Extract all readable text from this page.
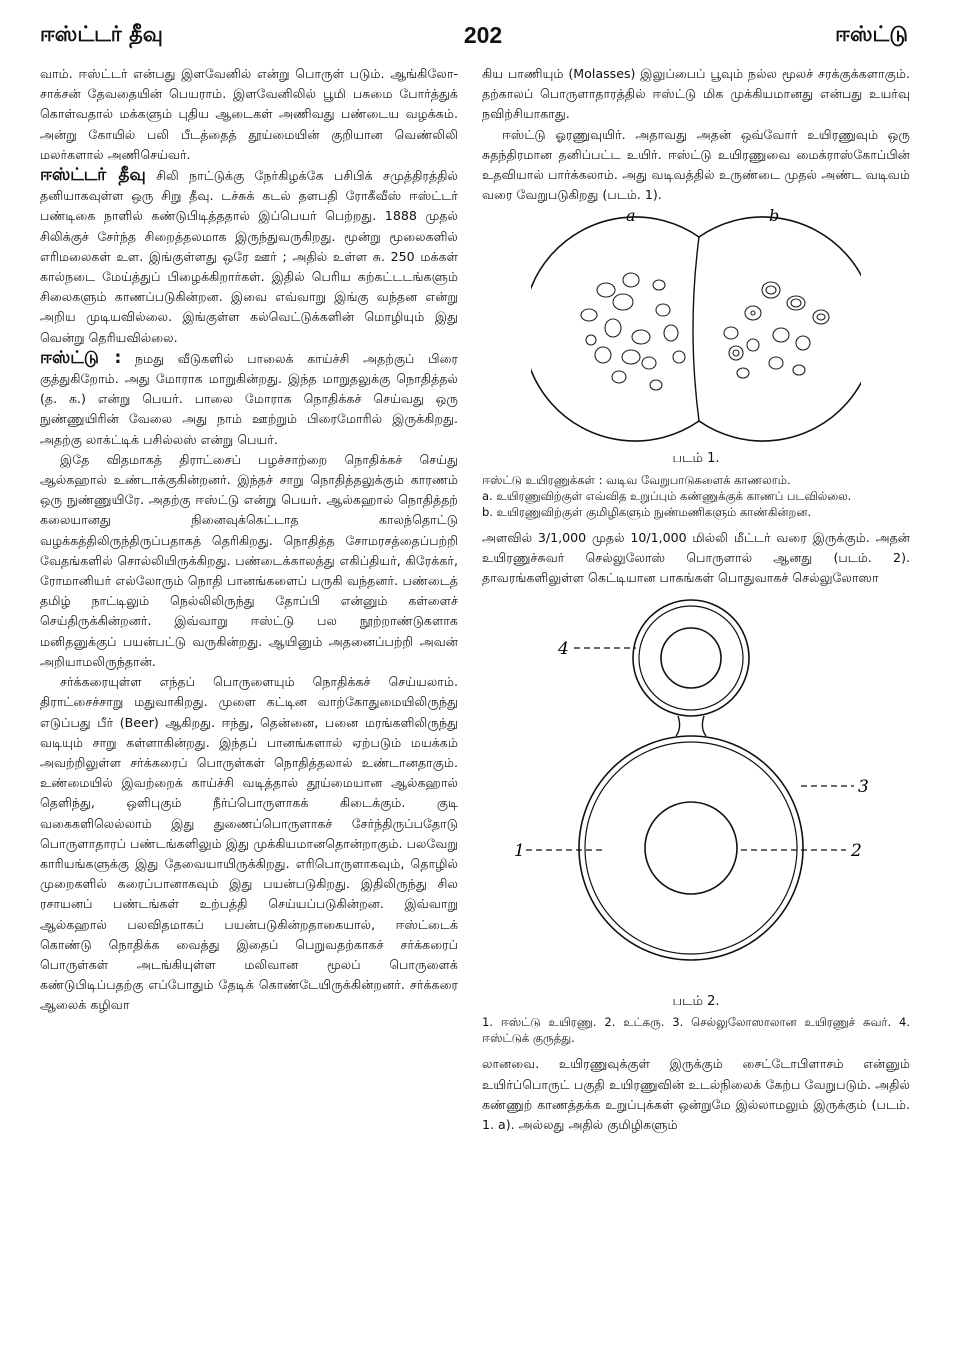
ஈஸ்ட்டர் தீவு	202	ஈஸ்ட்டு

வாம். ஈஸ்ட்டர் என்பது இளவேனில் என்று பொருள் படும். ஆங்கிலோ-சாக்சன் தேவதையின் பெயராம். இளவேனிலில் பூமி பசுமை போர்த்துக் கொள்வதால் மக்களும் புதிய ஆடைகள் அணிவது பண்டைய வழக்கம். அன்று கோயில் பலி பீடத்தைத் தூய்மையின் குறியான வெண்லிலி மலர்களால் அணிசெய்வர்.

ஈஸ்ட்டர் தீவு சிலி நாட்டுக்கு நேர்கிழக்கே பசிபிக் சமுத்திரத்தில் தனியாகவுள்ள ஒரு சிறு தீவு. டச்சுக் கடல் தளபதி ரோகீவீஸ் ஈஸ்ட்டர் பண்டிகை நாளில் கண்டுபிடித்ததால் இப்பெயர் பெற்றது. 1888 முதல் சிலிக்குச் சேர்ந்த சிறைத்தலமாக இருந்துவருகிறது. மூன்று மூலைகளில் எரிமலைகள் உள. இங்குள்ளது ஒரே ஊர் ; அதில் உள்ள சு. 250 மக்கள் கால்நடை மேய்த்துப் பிழைக்கிறார்கள். இதில் பெரிய கற்கட்டடங்களும் சிலைகளும் காணப்படுகின்றன. இவை எவ்வாறு இங்கு வந்தன என்று அறிய முடியவில்லை. இங்குள்ள கல்வெட்டுக்களின் மொழியும் இது வென்று தெரியவில்லை.

ஈஸ்ட்டு : நமது வீடுகளில் பாலைக் காய்ச்சி அதற்குப் பிரை குத்துகிறோம். அது மோராக மாறுகின்றது. இந்த மாறுதலுக்கு நொதித்தல் (த. க.) என்று பெயர். பாலை மோராக நொதிக்கச் செய்வது ஒரு நுண்ணுயிரின் வேலை அது நாம் ஊற்றும் பிரைமோரில் இருக்கிறது. அதற்கு லாக்ட்டிக் பசில்லஸ் என்று பெயர்.

இதே விதமாகத் திராட்சைப் பழச்சாற்றை நொதிக்கச் செய்து ஆல்கஹால் உண்டாக்குகின்றனர். இந்தச் சாறு நொதித்தலுக்கும் காரணம் ஒரு நுண்ணுயிரே. அதற்கு ஈஸ்ட்டு என்று பெயர். ஆல்கஹால் நொதித்தற் கலையானது நினைவுக்கெட்டாத காலந்தொட்டு வழக்கத்திலிருந்திருப்பதாகத் தெரிகிறது. நொதித்த சோமரசத்தைப்பற்றி வேதங்களில் சொல்லியிருக்கிறது. பண்டைக்காலத்து எகிப்தியர், கிரேக்கர், ரோமானியர் எல்லோரும் நொதி பானங்களைப் பருகி வந்தனர். பண்டைத் தமிழ் நாட்டிலும் நெல்லிலிருந்து தோப்பி என்னும் கள்ளைச் செய்திருக்கின்றனர். இவ்வாறு ஈஸ்ட்டு பல நூற்றாண்டுகளாக மனிதனுக்குப் பயன்பட்டு வருகின்றது. ஆயினும் அதனைப்பற்றி அவன் அறியாமலிருந்தான்.

சர்க்கரையுள்ள எந்தப் பொருளையும் நொதிக்கச் செய்யலாம். திராட்சைச்சாறு மதுவாகிறது. முளை கட்டின வாற்கோதுமையிலிருந்து எடுப்பது பீர் (Beer) ஆகிறது. ஈந்து, தென்னை, பனை மரங்களிலிருந்து வடியும் சாறு கள்ளாகின்றது. இந்தப் பானங்களால் ஏற்படும் மயக்கம் அவற்றிலுள்ள சர்க்கரைப் பொருள்கள் நொதித்தலால் உண்டானதாகும். உண்மையில் இவற்றைக் காய்ச்சி வடித்தால் தூய்மையான ஆல்கஹால் தெளிந்து, ஒளிபுகும் நீர்ப்பொருளாகக் கிடைக்கும். குடி வகைகளிலெல்லாம் இது துணைப்பொருளாகச் சேர்ந்திருப்பதோடு பொருளாதாரப் பண்டங்களிலும் இது முக்கியமானதொன்றாகும். பலவேறு காரியங்களுக்கு இது தேவையாயிருக்கிறது. எரிபொருளாகவும், தொழில் முறைகளில் கரைப்பானாகவும் இது பயன்படுகிறது. இதிலிருந்து சில ரசாயனப் பண்டங்கள் உற்பத்தி செய்யப்படுகின்றன. இவ்வாறு ஆல்கஹால் பலவிதமாகப் பயன்படுகின்றதாகையால், ஈஸ்ட்டைக் கொண்டு நொதிக்க வைத்து இதைப் பெறுவதற்காகச் சர்க்கரைப் பொருள்கள் அடங்கியுள்ள மலிவான மூலப் பொருளைக் கண்டுபிடிப்பதற்கு எப்போதும் தேடிக் கொண்டேயிருக்கின்றனர். சர்க்கரை ஆலைக் கழிவா

கிய பாணியும் (Molasses) இலுப்பைப் பூவும் நல்ல மூலச் சரக்குக்களாகும். தற்காலப் பொருளாதாரத்தில் ஈஸ்ட்டு மிக முக்கியமானது என்பது உயர்வு நவிற்சியாகாது.

ஈஸ்ட்டு ஓரணுவுயிர். அதாவது அதன் ஒவ்வோர் உயிரணுவும் ஒரு சுதந்திரமான தனிப்பட்ட உயிர். ஈஸ்ட்டு உயிரணுவை மைக்ராஸ்கோப்பின் உதவியால் பார்க்கலாம். அது வடிவத்தில் உருண்டை முதல் அண்ட வடிவம் வரை வேறுபடுகிறது (படம். 1).

a	b
படம் 1.
ஈஸ்ட்டு உயிரணுக்கள் : வடிவ வேறுபாடுகளைக் காணலாம்.
a. உயிரணுவிற்குள் எவ்வித உறுப்பும் கண்ணுக்குக் காணப் படவில்லை.
b. உயிரணுவிற்குள் குமிழிகளும் நுண்மணிகளும் காண்கின்றன.

அளவில் 3/1,000 முதல் 10/1,000 மில்லி மீட்டர் வரை இருக்கும். அதன் உயிரணுச்சுவர் செல்லுலோஸ் பொருளால் ஆனது (படம். 2). தாவரங்களிலுள்ள கெட்டியான பாகங்கள் பொதுவாகச் செல்லுலோஸா

4
3
1	2
படம் 2.
1. ஈஸ்ட்டு உயிரணு. 2. உட்கரு. 3. செல்லுலோஸாலான உயிரணுச் சுவர். 4. ஈஸ்ட்டுக் குருத்து.

லானவை. உயிரணுவுக்குள் இருக்கும் சைட்டோபிளாசம் என்னும் உயிர்ப்பொருட் பகுதி உயிரணுவின் உடல்நிலைக் கேற்ப வேறுபடும். அதில் கண்ணுற் காணத்தக்க உறுப்புக்கள் ஒன்றுமே இல்லாமலும் இருக்கும் (படம். 1. a). அல்லது அதில் குமிழிகளும்
